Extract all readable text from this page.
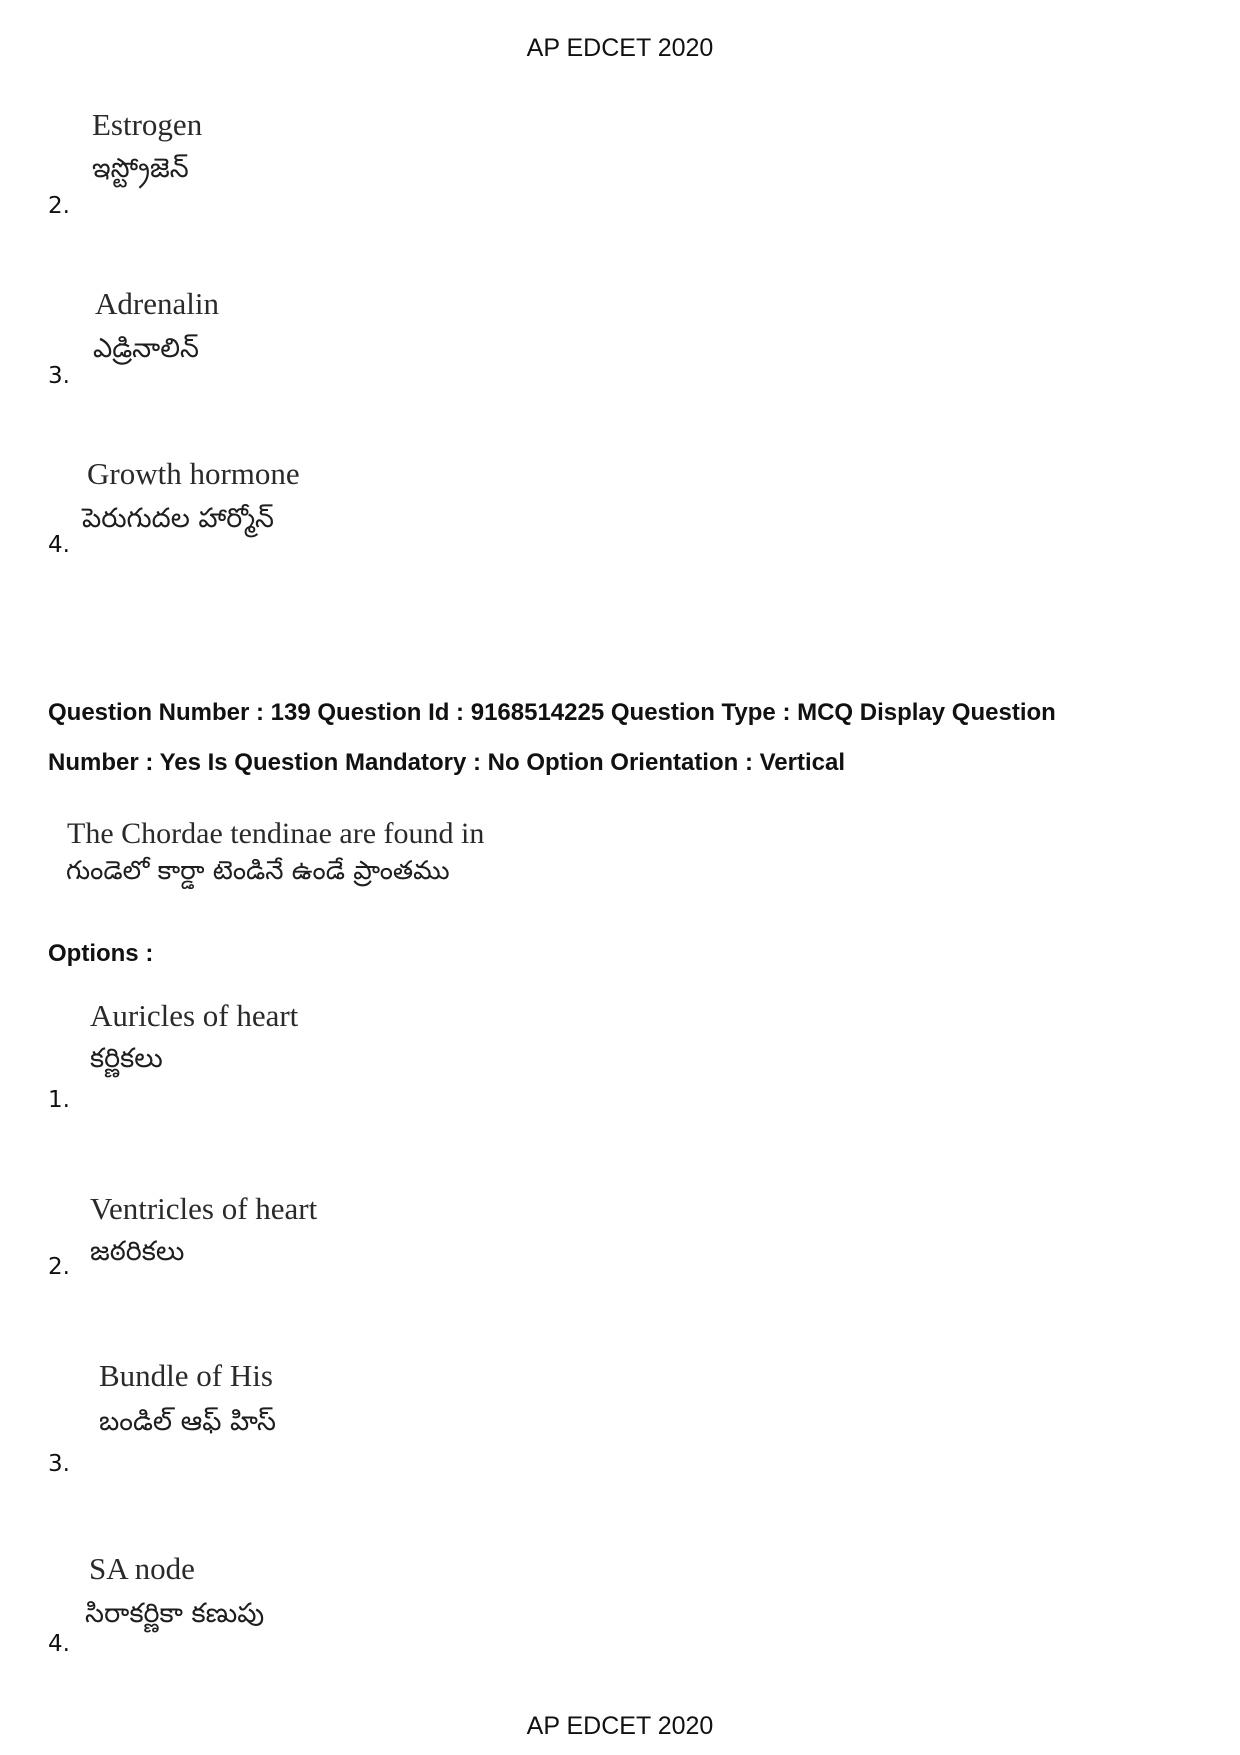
AP EDCET 2020
Estrogen
ఇస్ట్రోజెన్
2.
Adrenalin
ఎడ్రినాలిన్
3.
Growth hormone
పెరుగుదల హార్మోన్
4.
Question Number : 139 Question Id : 9168514225 Question Type : MCQ Display Question
Number : Yes Is Question Mandatory : No Option Orientation : Vertical
The Chordae tendinae are found in
గుండెలో కార్డా టెండినే ఉండే ప్రాంతము
Options :
Auricles of heart
కర్ణికలు
1.
Ventricles of heart
జఠరికలు
2.
Bundle of His
బండిల్ ఆఫ్ హిస్
3.
SA node
సిరాకర్ణికా కణుపు
4.
AP EDCET 2020
